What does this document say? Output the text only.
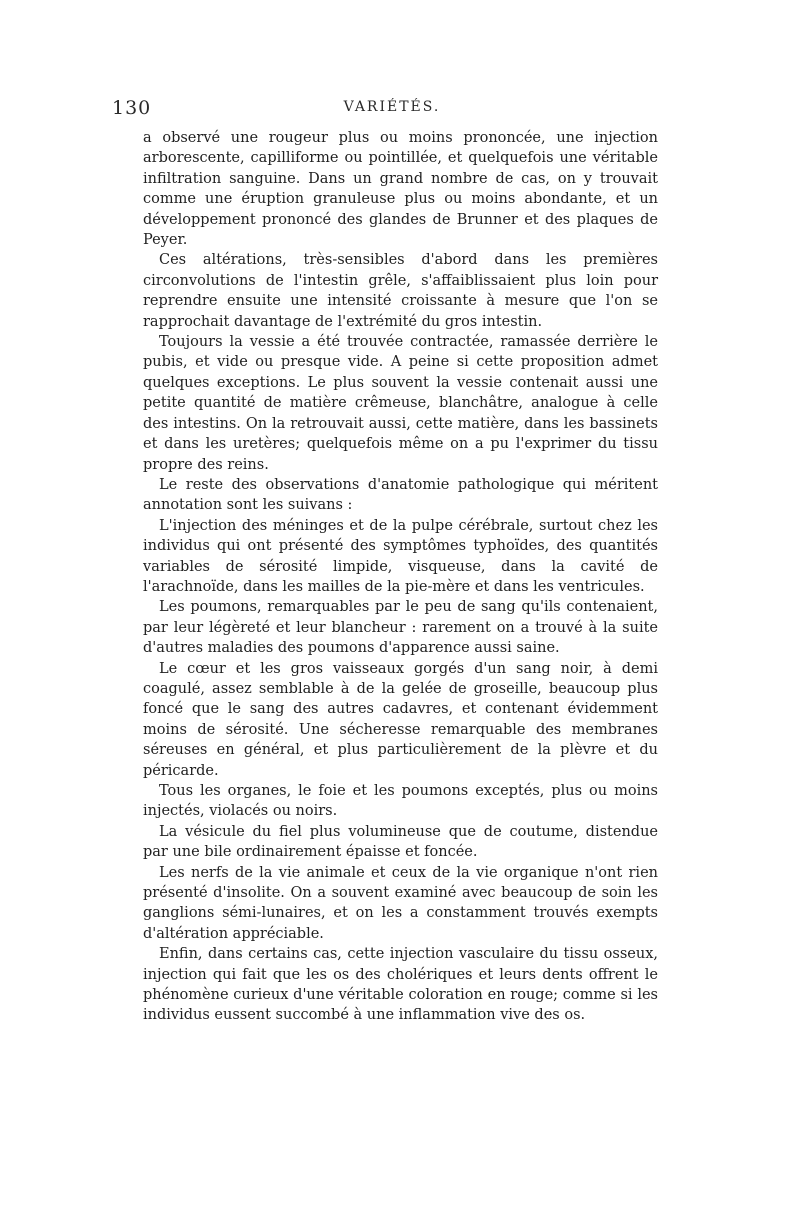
130	VARIÉTÉS.

a observé une rougeur plus ou moins prononcée, une injection arborescente, capilliforme ou pointillée, et quelquefois une véritable infiltration sanguine. Dans un grand nombre de cas, on y trouvait comme une éruption granuleuse plus ou moins abondante, et un développement prononcé des glandes de Brunner et des plaques de Peyer.

Ces altérations, très-sensibles d'abord dans les premières circonvolutions de l'intestin grêle, s'affaiblissaient plus loin pour reprendre ensuite une intensité croissante à mesure que l'on se rapprochait davantage de l'extrémité du gros intestin.

Toujours la vessie a été trouvée contractée, ramassée derrière le pubis, et vide ou presque vide. A peine si cette proposition admet quelques exceptions. Le plus souvent la vessie contenait aussi une petite quantité de matière crêmeuse, blanchâtre, analogue à celle des intestins. On la retrouvait aussi, cette matière, dans les bassinets et dans les uretères; quelquefois même on a pu l'exprimer du tissu propre des reins.

Le reste des observations d'anatomie pathologique qui méritent annotation sont les suivans :

L'injection des méninges et de la pulpe cérébrale, surtout chez les individus qui ont présenté des symptômes typhoïdes, des quantités variables de sérosité limpide, visqueuse, dans la cavité de l'arachnoïde, dans les mailles de la pie-mère et dans les ventricules.

Les poumons, remarquables par le peu de sang qu'ils contenaient, par leur légèreté et leur blancheur : rarement on a trouvé à la suite d'autres maladies des poumons d'apparence aussi saine.

Le cœur et les gros vaisseaux gorgés d'un sang noir, à demi coagulé, assez semblable à de la gelée de groseille, beaucoup plus foncé que le sang des autres cadavres, et contenant évidemment moins de sérosité. Une sécheresse remarquable des membranes séreuses en général, et plus particulièrement de la plèvre et du péricarde.

Tous les organes, le foie et les poumons exceptés, plus ou moins injectés, violacés ou noirs.

La vésicule du fiel plus volumineuse que de coutume, distendue par une bile ordinairement épaisse et foncée.

Les nerfs de la vie animale et ceux de la vie organique n'ont rien présenté d'insolite. On a souvent examiné avec beaucoup de soin les ganglions sémi-lunaires, et on les a constamment trouvés exempts d'altération appréciable.

Enfin, dans certains cas, cette injection vasculaire du tissu osseux, injection qui fait que les os des cholériques et leurs dents offrent le phénomène curieux d'une véritable coloration en rouge; comme si les individus eussent succombé à une inflammation vive des os.
